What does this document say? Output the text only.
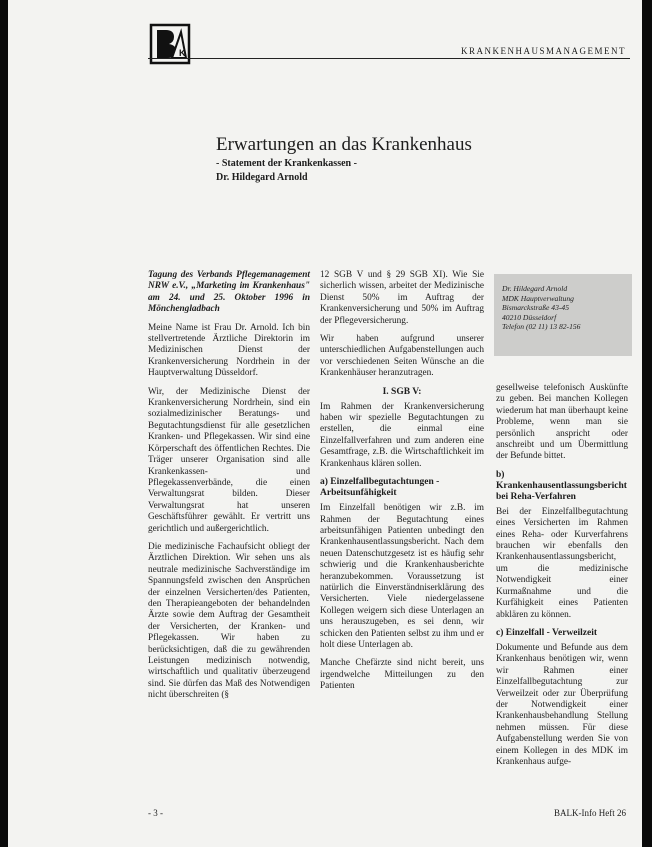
K	KRANKENHAUSMANAGEMENT
Erwartungen an das Krankenhaus
- Statement der Krankenkassen -
Dr. Hildegard Arnold

Tagung des Verbands Pflegemanagement NRW e.V., „Marketing im Krankenhaus" am 24. und 25. Oktober 1996 in Mönchengladbach

Meine Name ist Frau Dr. Arnold. Ich bin stellvertretende Ärztliche Direktorin im Medizinischen Dienst der Krankenversicherung Nordrhein in der Hauptverwaltung Düsseldorf.

Wir, der Medizinische Dienst der Krankenversicherung Nordrhein, sind ein sozialmedizinischer Beratungs- und Begutachtungsdienst für alle gesetzlichen Kranken- und Pflegekassen. Wir sind eine Körperschaft des öffentlichen Rechtes. Die Träger unserer Organisation sind alle Krankenkassen- und Pflegekassenverbände, die einen Verwaltungsrat bilden. Dieser Verwaltungsrat hat unseren Geschäftsführer gewählt. Er vertritt uns gerichtlich und außergerichtlich.

Die medizinische Fachaufsicht obliegt der Ärztlichen Direktion. Wir sehen uns als neutrale medizinische Sachverständige im Spannungsfeld zwischen den Ansprüchen der einzelnen Versicherten/des Patienten, den Therapieangeboten der behandelnden Ärzte sowie dem Auftrag der Gesamtheit der Versicherten, der Kranken- und Pflegekassen. Wir haben zu berücksichtigen, daß die zu gewährenden Leistungen medizinisch notwendig, wirtschaftlich und qualitativ überzeugend sind. Sie dürfen das Maß des Notwendigen nicht überschreiten (§

12 SGB V und § 29 SGB XI). Wie Sie sicherlich wissen, arbeitet der Medizinische Dienst 50% im Auftrag der Krankenversicherung und 50% im Auftrag der Pflegeversicherung.

Wir haben aufgrund unserer unterschiedlichen Aufgabenstellungen auch vor verschiedenen Seiten Wünsche an die Krankenhäuser heranzutragen.

I. SGB V:

Im Rahmen der Krankenversicherung haben wir spezielle Begutachtungen zu erstellen, die einmal eine Einzelfallverfahren und zum anderen eine Gesamtfrage, z.B. die Wirtschaftlichkeit im Krankenhaus klären sollen.

a) Einzelfallbegutachtungen - Arbeitsunfähigkeit

Im Einzelfall benötigen wir z.B. im Rahmen der Begutachtung eines arbeitsunfähigen Patienten unbedingt den Krankenhausentlassungsbericht. Nach dem neuen Datenschutzgesetz ist es häufig sehr schwierig und die Krankenhausberichte heranzubekommen. Voraussetzung ist natürlich die Einverständniserklärung des Versicherten. Viele niedergelassene Kollegen weigern sich diese Unterlagen an uns herauszugeben, es sei denn, wir schicken den Patienten selbst zu ihm und er holt diese Unterlagen ab.

Manche Chefärzte sind nicht bereit, uns irgendwelche Mitteilungen zu den Patienten

Dr. Hildegard Arnold
MDK Hauptverwaltung
Bismarckstraße 43-45
40210 Düsseldorf
Telefon (02 11) 13 82-156

gesellweise telefonisch Auskünfte zu geben. Bei manchen Kollegen wiederum hat man überhaupt keine Probleme, wenn man sie persönlich anspricht oder anschreibt und um Übermittlung der Befunde bittet.

b) Krankenhausentlassungsbericht bei Reha-Verfahren

Bei der Einzelfallbegutachtung eines Versicherten im Rahmen eines Reha- oder Kurverfahrens brauchen wir ebenfalls den Krankenhausentlassungsbericht, um die medizinische Notwendigkeit einer Kurmaßnahme und die Kurfähigkeit eines Patienten abklären zu können.

c) Einzelfall - Verweilzeit

Dokumente und Befunde aus dem Krankenhaus benötigen wir, wenn wir Rahmen einer Einzelfallbegutachtung zur Verweilzeit oder zur Überprüfung der Notwendigkeit einer Krankenhausbehandlung Stellung nehmen müssen. Für diese Aufgabenstellung werden Sie von einem Kollegen in des MDK im Krankenhaus aufge-

- 3 -	BALK-Info Heft 26
